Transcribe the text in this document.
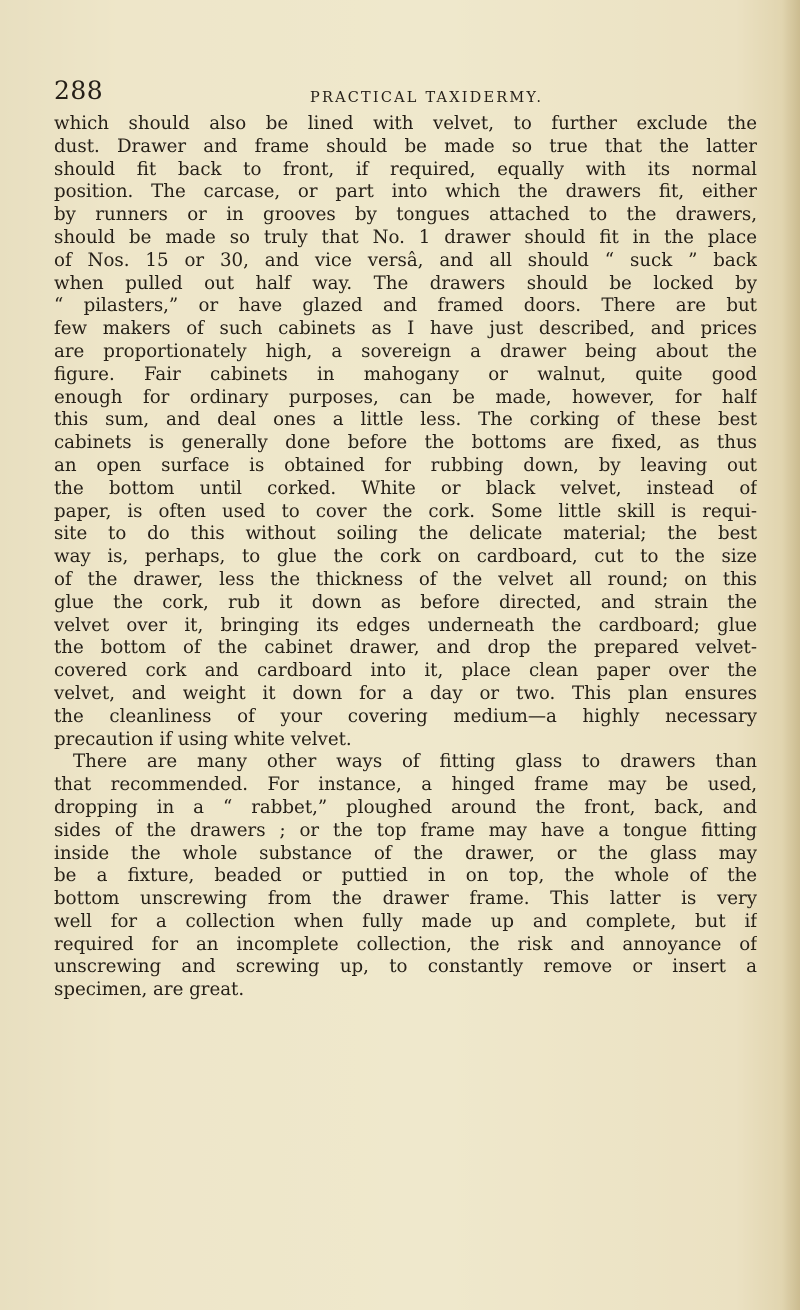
288	PRACTICAL TAXIDERMY.
which should also be lined with velvet, to further exclude the
dust. Drawer and frame should be made so true that the latter
should fit back to front, if required, equally with its normal
position. The carcase, or part into which the drawers fit, either
by runners or in grooves by tongues attached to the drawers,
should be made so truly that No. 1 drawer should fit in the place
of Nos. 15 or 30, and vice versâ, and all should “ suck ” back
when pulled out half way. The drawers should be locked by
“ pilasters,” or have glazed and framed doors. There are but
few makers of such cabinets as I have just described, and prices
are proportionately high, a sovereign a drawer being about the
figure. Fair cabinets in mahogany or walnut, quite good
enough for ordinary purposes, can be made, however, for half
this sum, and deal ones a little less. The corking of these best
cabinets is generally done before the bottoms are fixed, as thus
an open surface is obtained for rubbing down, by leaving out
the bottom until corked. White or black velvet, instead of
paper, is often used to cover the cork. Some little skill is requi-
site to do this without soiling the delicate material; the best
way is, perhaps, to glue the cork on cardboard, cut to the size
of the drawer, less the thickness of the velvet all round; on this
glue the cork, rub it down as before directed, and strain the
velvet over it, bringing its edges underneath the cardboard; glue
the bottom of the cabinet drawer, and drop the prepared velvet-
covered cork and cardboard into it, place clean paper over the
velvet, and weight it down for a day or two. This plan ensures
the cleanliness of your covering medium—a highly necessary
precaution if using white velvet.
There are many other ways of fitting glass to drawers than
that recommended. For instance, a hinged frame may be used,
dropping in a “ rabbet,” ploughed around the front, back, and
sides of the drawers ; or the top frame may have a tongue fitting
inside the whole substance of the drawer, or the glass may
be a fixture, beaded or puttied in on top, the whole of the
bottom unscrewing from the drawer frame. This latter is very
well for a collection when fully made up and complete, but if
required for an incomplete collection, the risk and annoyance of
unscrewing and screwing up, to constantly remove or insert a
specimen, are great.
